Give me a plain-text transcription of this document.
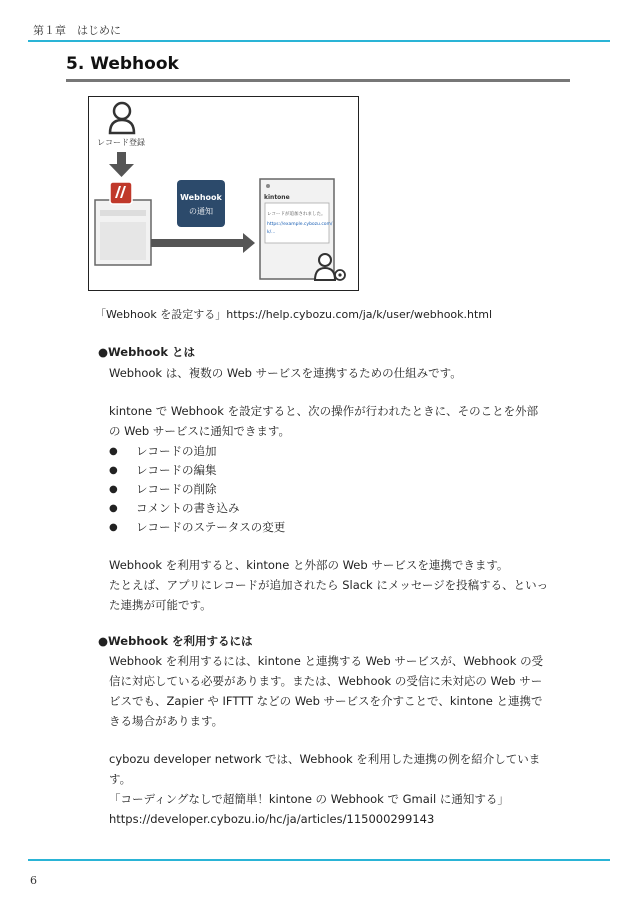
第１章　はじめに
5. Webhook
レコード登録
Webhook
の通知
kintone
レコードが追加されました。
https://example.cybozu.com/
k/...
「Webhook を設定する」https://help.cybozu.com/ja/k/user/webhook.html
●Webhook とは
Webhook は、複数の Web サービスを連携するための仕組みです。
kintone で Webhook を設定すると、次の操作が行われたときに、そのことを外部
の Web サービスに通知できます。
● レコードの追加
● レコードの編集
● レコードの削除
● コメントの書き込み
● レコードのステータスの変更
Webhook を利用すると、kintone と外部の Web サービスを連携できます。
たとえば、アプリにレコードが追加されたら Slack にメッセージを投稿する、といっ
た連携が可能です。
●Webhook を利用するには
Webhook を利用するには、kintone と連携する Web サービスが、Webhook の受
信に対応している必要があります。または、Webhook の受信に未対応の Web サー
ビスでも、Zapier や IFTTT などの Web サービスを介すことで、kintone と連携で
きる場合があります。
cybozu developer network では、Webhook を利用した連携の例を紹介していま
す。
「コーディングなしで超簡単！kintone の Webhook で Gmail に通知する」
https://developer.cybozu.io/hc/ja/articles/115000299143
6
